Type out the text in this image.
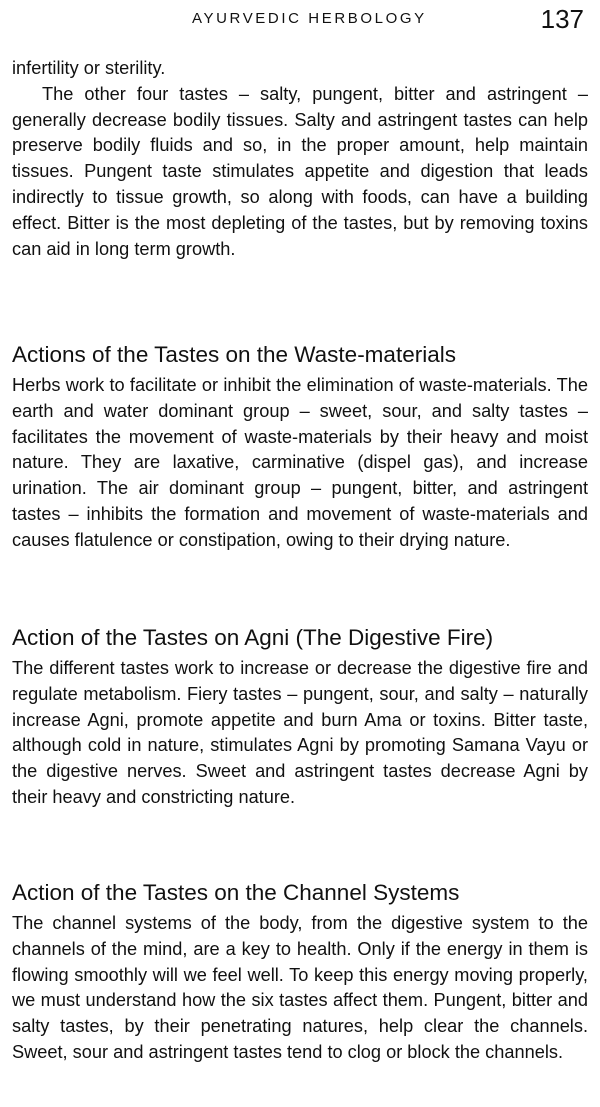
AYURVEDIC HERBOLOGY	137

infertility or sterility.

The other four tastes – salty, pungent, bitter and astringent – generally decrease bodily tissues. Salty and astringent tastes can help preserve bodily fluids and so, in the proper amount, help maintain tissues. Pungent taste stimulates appetite and digestion that leads indirectly to tissue growth, so along with foods, can have a building effect. Bitter is the most depleting of the tastes, but by removing toxins can aid in long term growth.

Actions of the Tastes on the Waste-materials

Herbs work to facilitate or inhibit the elimination of waste-materials. The earth and water dominant group – sweet, sour, and salty tastes – facilitates the movement of waste-materials by their heavy and moist nature. They are laxative, carminative (dispel gas), and increase urination. The air dominant group – pungent, bitter, and astringent tastes – inhibits the formation and movement of waste-materials and causes flatulence or constipation, owing to their drying nature.

Action of the Tastes on Agni (The Digestive Fire)

The different tastes work to increase or decrease the digestive fire and regulate metabolism. Fiery tastes – pungent, sour, and salty – naturally increase Agni, promote appetite and burn Ama or toxins. Bitter taste, although cold in nature, stimulates Agni by promoting Samana Vayu or the digestive nerves. Sweet and astringent tastes decrease Agni by their heavy and constricting nature.

Action of the Tastes on the Channel Systems

The channel systems of the body, from the digestive system to the channels of the mind, are a key to health. Only if the energy in them is flowing smoothly will we feel well. To keep this energy moving properly, we must understand how the six tastes affect them. Pungent, bitter and salty tastes, by their penetrating natures, help clear the channels. Sweet, sour and astringent tastes tend to clog or block the channels.
